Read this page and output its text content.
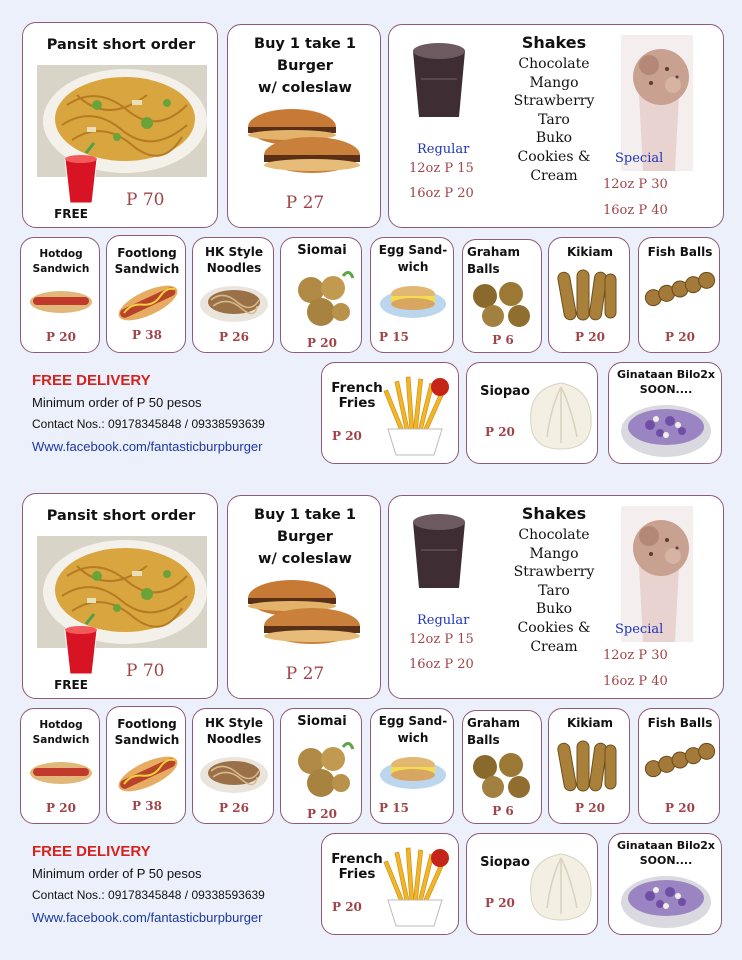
Pansit short order
FREE
P 70
Buy 1 take 1
Burger
w/ coleslaw
P 27
Shakes
Chocolate
Mango
Strawberry
Taro
Buko
Cookies &
Cream
Regular
12oz P 15
16oz P 20
Special
12oz P 30
16oz P 40
Hotdog
Sandwich
P 20
Footlong
Sandwich
P 38
HK Style
Noodles
P 26
Siomai
P 20
Egg Sand-
wich
P 15
Graham
Balls
P 6
Kikiam
P 20
Fish Balls
P 20
FREE DELIVERY
Minimum order of P 50 pesos
Contact Nos.: 09178345848 / 09338593639
Www.facebook.com/fantasticburpburger
French
Fries
P 20
Siopao
P 20
Ginataan Bilo2x
SOON....
Pansit short order
FREE
P 70
Buy 1 take 1
Burger
w/ coleslaw
P 27
Shakes
Chocolate
Mango
Strawberry
Taro
Buko
Cookies &
Cream
Regular
12oz P 15
16oz P 20
Special
12oz P 30
16oz P 40
Hotdog
Sandwich
P 20
Footlong
Sandwich
P 38
HK Style
Noodles
P 26
Siomai
P 20
Egg Sand-
wich
P 15
Graham
Balls
P 6
Kikiam
P 20
Fish Balls
P 20
FREE DELIVERY
Minimum order of P 50 pesos
Contact Nos.: 09178345848 / 09338593639
Www.facebook.com/fantasticburpburger
French
Fries
P 20
Siopao
P 20
Ginataan Bilo2x
SOON....
